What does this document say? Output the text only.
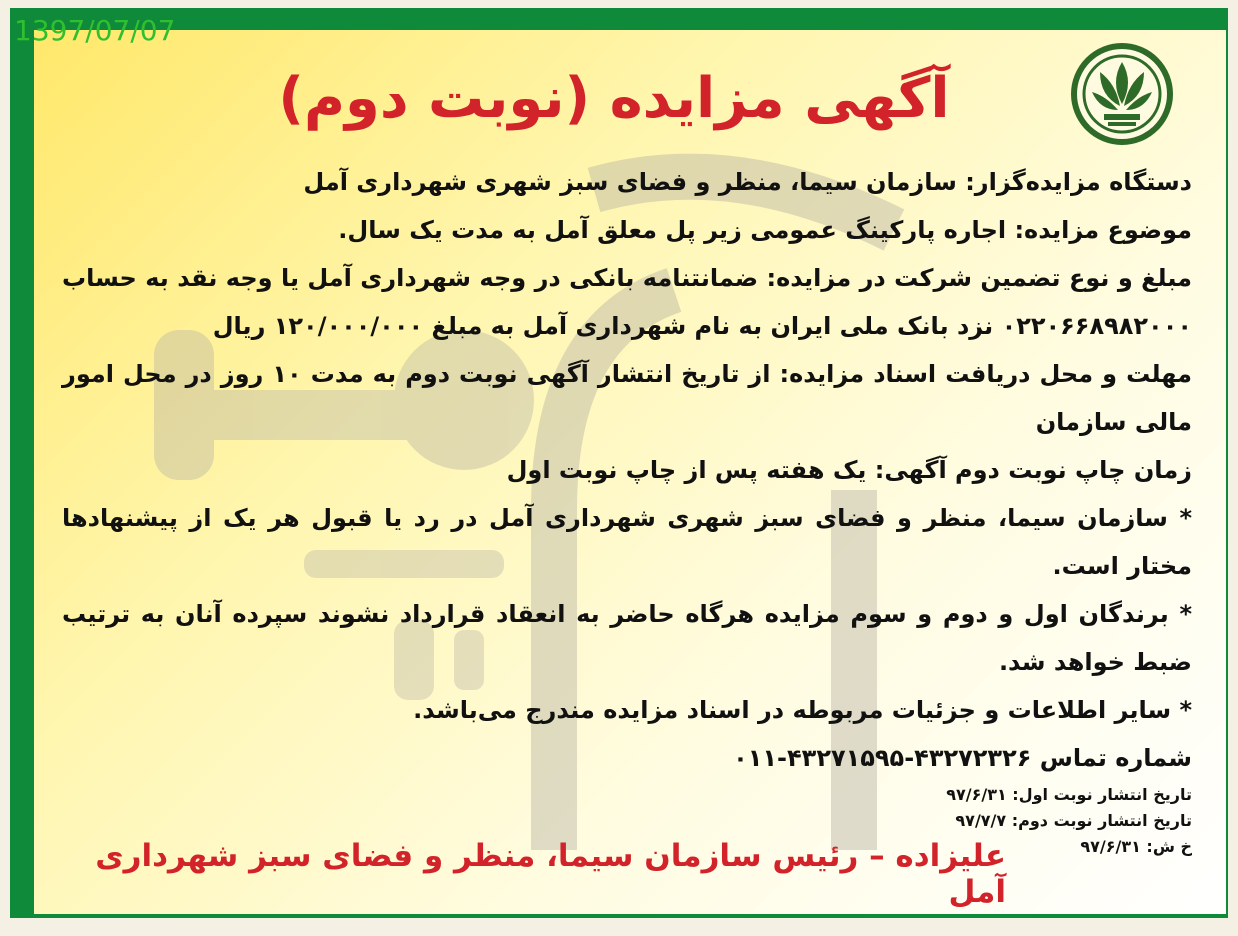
1397/07/07
آگهی مزایده (نوبت دوم)
دستگاه مزایده‌گزار: سازمان سیما، منظر و فضای سبز شهری شهرداری آمل
موضوع مزایده: اجاره پارکینگ عمومی زیر پل معلق آمل به مدت یک سال.
مبلغ و نوع تضمین شرکت در مزایده: ضمانتنامه بانکی در وجه شهرداری آمل یا وجه نقد به حساب
۰۲۲۰۶۶۸۹۸۲۰۰۰ نزد بانک ملی ایران به نام شهرداری آمل به مبلغ ۱۲۰/۰۰۰/۰۰۰ ریال
مهلت و محل دریافت اسناد مزایده: از تاریخ انتشار آگهی نوبت دوم به مدت ۱۰ روز در محل امور
مالی سازمان
زمان چاپ نوبت دوم آگهی: یک هفته پس از چاپ نوبت اول
* سازمان سیما، منظر و فضای سبز شهری شهرداری آمل در رد یا قبول هر یک از پیشنهادها
مختار است.
* برندگان اول و دوم و سوم مزایده هرگاه حاضر به انعقاد قرارداد نشوند سپرده آنان به ترتیب
ضبط خواهد شد.
* سایر اطلاعات و جزئیات مربوطه در اسناد مزایده مندرج می‌باشد.
شماره تماس ۴۳۲۷۲۳۲۶-۴۳۲۷۱۵۹۵-۰۱۱
تاریخ انتشار نوبت اول: ۹۷/۶/۳۱
تاریخ انتشار نوبت دوم: ۹۷/۷/۷
خ ش: ۹۷/۶/۳۱
علیزاده – رئیس سازمان سیما، منظر و فضای سبز شهرداری آمل
